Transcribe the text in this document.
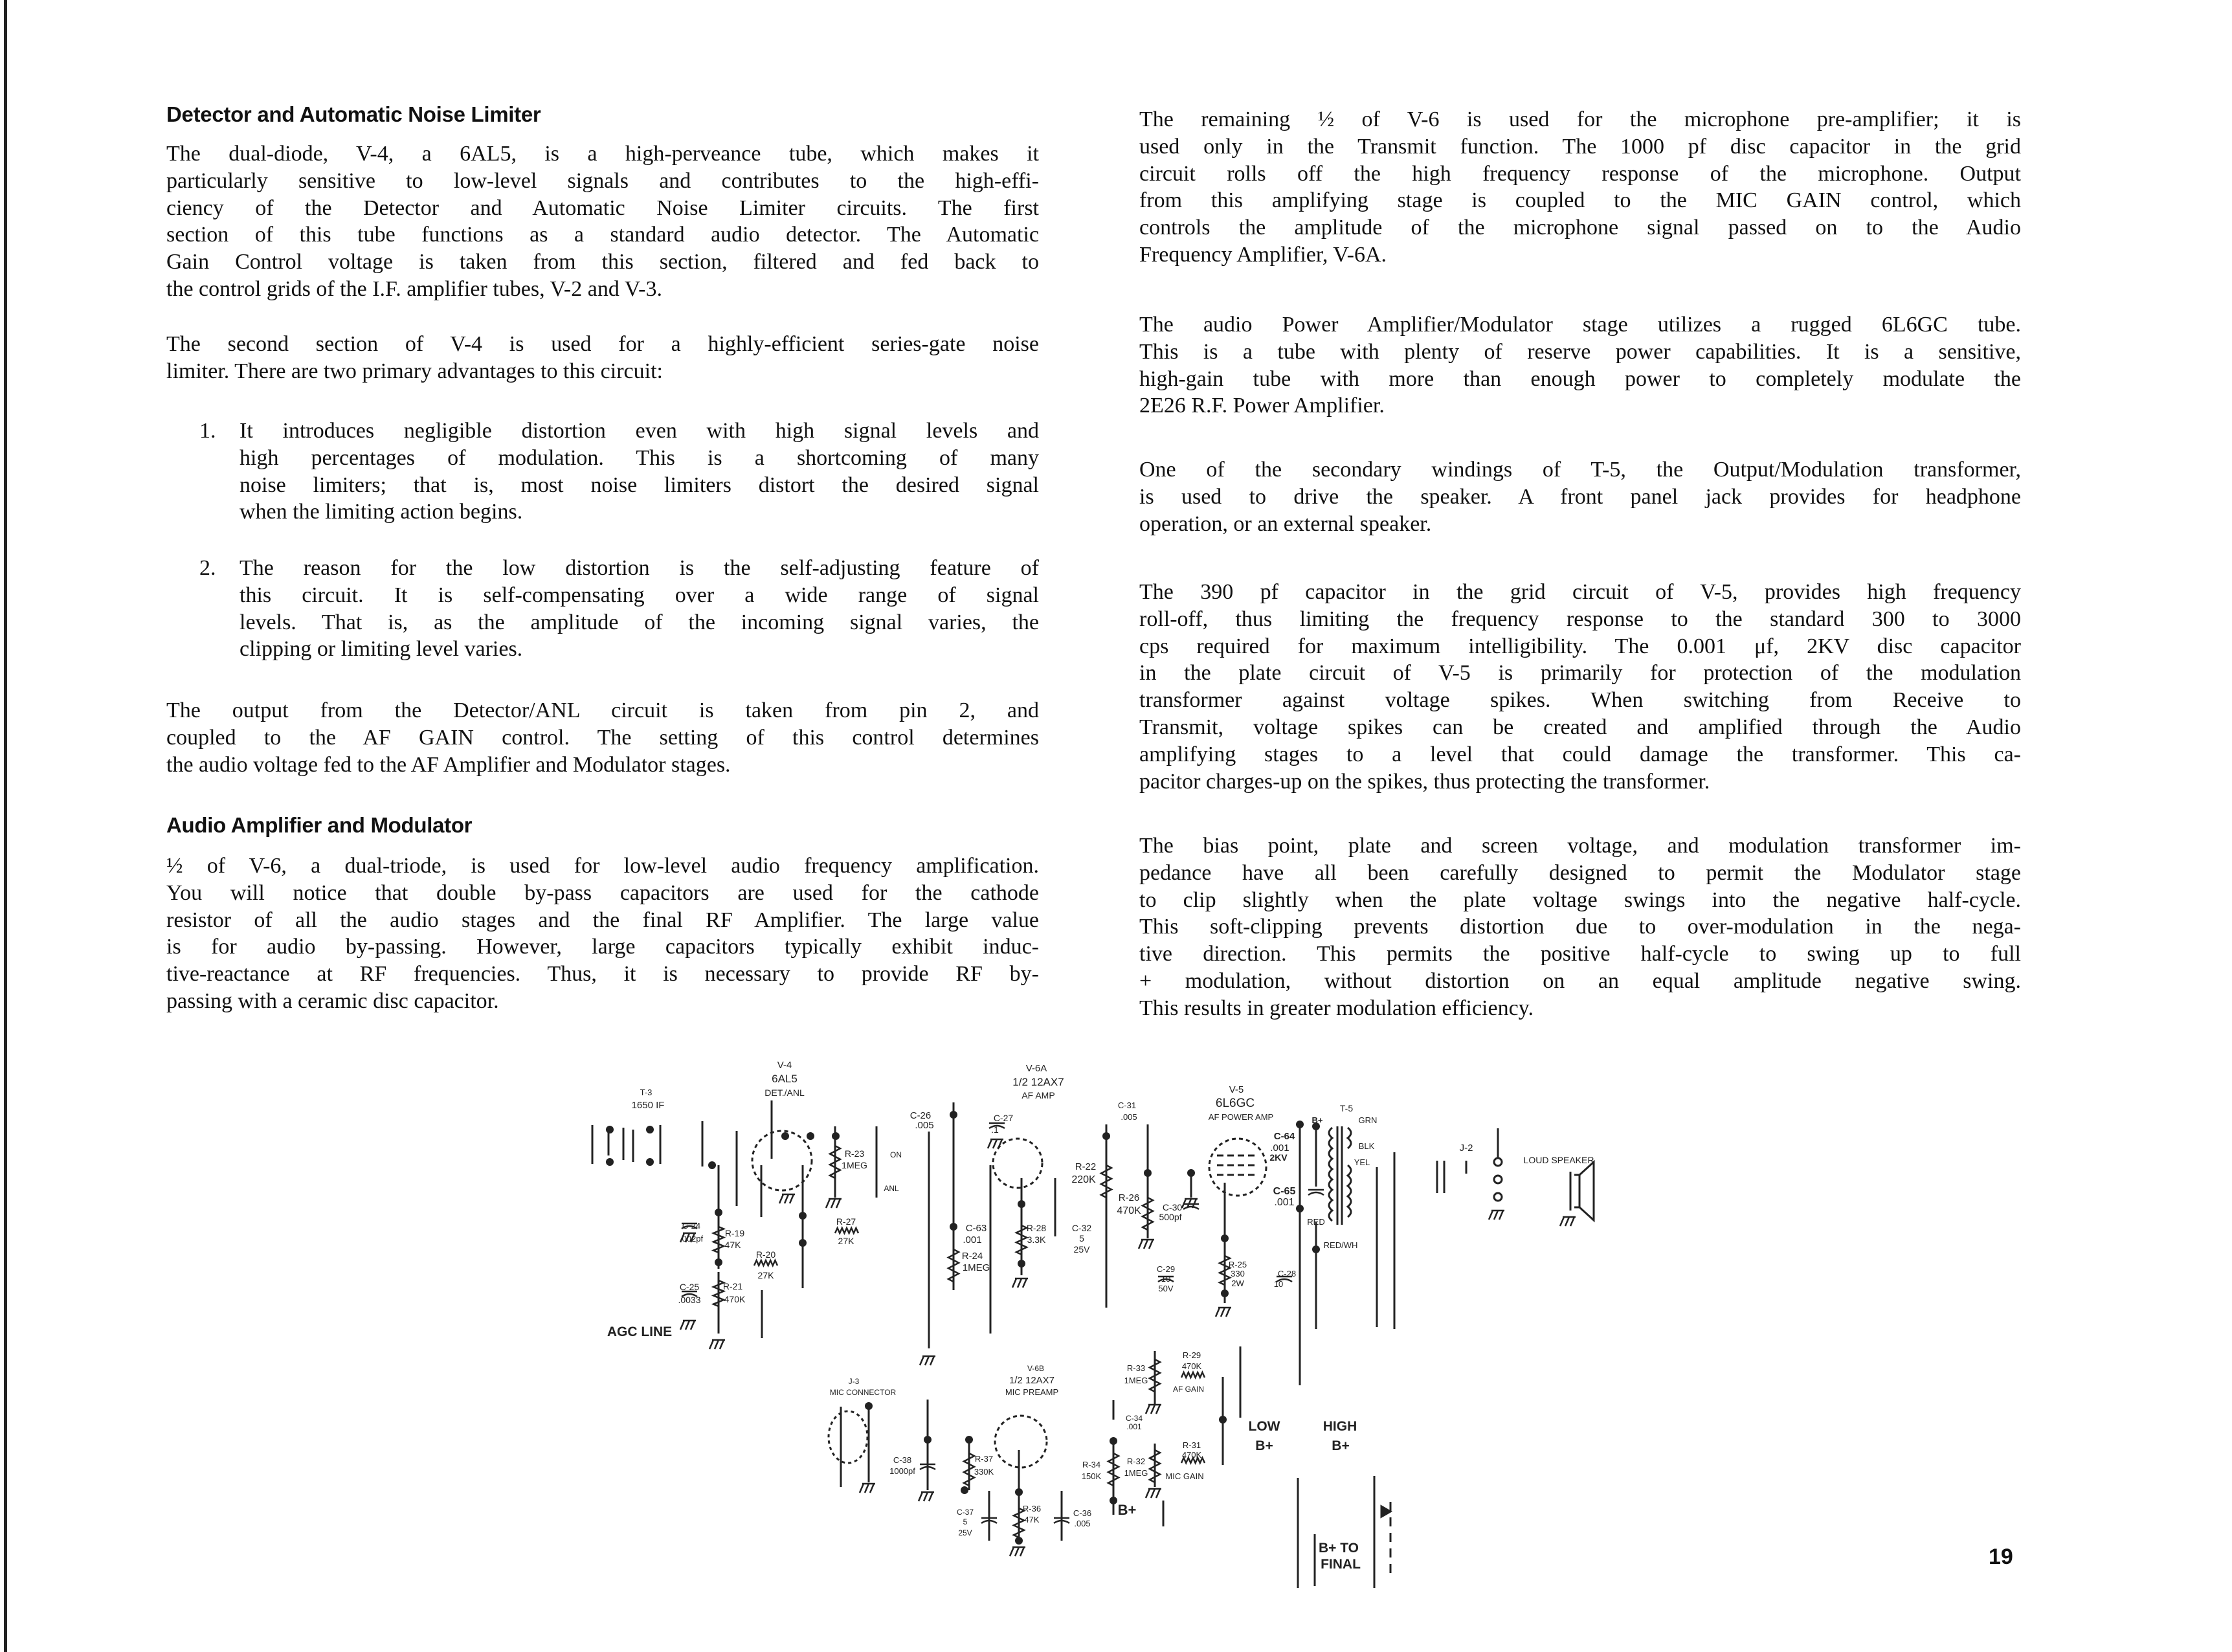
Detector and Automatic Noise Limiter
The dual-diode, V-4, a 6AL5, is a high-perveance tube, which makes it
particularly sensitive to low-level signals and contributes to the high-effi-
ciency of the Detector and Automatic Noise Limiter circuits. The first
section of this tube functions as a standard audio detector. The Automatic
Gain Control voltage is taken from this section, filtered and fed back to
the control grids of the I.F. amplifier tubes, V-2 and V-3.
The second section of V-4 is used for a highly-efficient series-gate noise
limiter. There are two primary advantages to this circuit:
1. It introduces negligible distortion even with high signal levels and
high percentages of modulation. This is a shortcoming of many
noise limiters; that is, most noise limiters distort the desired signal
when the limiting action begins.
2. The reason for the low distortion is the self-adjusting feature of
this circuit. It is self-compensating over a wide range of signal
levels. That is, as the amplitude of the incoming signal varies, the
clipping or limiting level varies.
The output from the Detector/ANL circuit is taken from pin 2, and
coupled to the AF GAIN control. The setting of this control determines
the audio voltage fed to the AF Amplifier and Modulator stages.
Audio Amplifier and Modulator
½ of V-6, a dual-triode, is used for low-level audio frequency amplification.
You will notice that double by-pass capacitors are used for the cathode
resistor of all the audio stages and the final RF Amplifier. The large value
is for audio by-passing. However, large capacitors typically exhibit induc-
tive-reactance at RF frequencies. Thus, it is necessary to provide RF by-
passing with a ceramic disc capacitor.
The remaining ½ of V-6 is used for the microphone pre-amplifier; it is
used only in the Transmit function. The 1000 pf disc capacitor in the grid
circuit rolls off the high frequency response of the microphone. Output
from this amplifying stage is coupled to the MIC GAIN control, which
controls the amplitude of the microphone signal passed on to the Audio
Frequency Amplifier, V-6A.
The audio Power Amplifier/Modulator stage utilizes a rugged 6L6GC tube.
This is a tube with plenty of reserve power capabilities. It is a sensitive,
high-gain tube with more than enough power to completely modulate the
2E26 R.F. Power Amplifier.
One of the secondary windings of T-5, the Output/Modulation transformer,
is used to drive the speaker. A front panel jack provides for headphone
operation, or an external speaker.
The 390 pf capacitor in the grid circuit of V-5, provides high frequency
roll-off, thus limiting the frequency response to the standard 300 to 3000
cps required for maximum intelligibility. The 0.001 μf, 2KV disc capacitor
in the plate circuit of V-5 is primarily for protection of the modulation
transformer against voltage spikes. When switching from Receive to
Transmit, voltage spikes can be created and amplified through the Audio
amplifying stages to a level that could damage the transformer. This ca-
pacitor charges-up on the spikes, thus protecting the transformer.
The bias point, plate and screen voltage, and modulation transformer im-
pedance have all been carefully designed to permit the Modulator stage
to clip slightly when the plate voltage swings into the negative half-cycle.
This soft-clipping prevents distortion due to over-modulation in the nega-
tive direction. This permits the positive half-cycle to swing up to full
+ modulation, without distortion on an equal amplitude negative swing.
This results in greater modulation efficiency.
V-4
6AL5
DET./ANL
T-3
1650 IF
V-6A
1/2 12AX7
AF AMP
C-26
.005
C-27
.1
C-31
.005
R-22
220K
R-26
470K C-30
500pf
R-24
1MEG
C-63
.001
R-28
3.3K
C-32
5
25V
R-19
47K
R-20
27K
R-21
470K
C-25
.0033
C-24
.002pf
R-23
1MEG
R-27
27K
ON
ANL
AGC LINE
C-29
10
50V
V-5
6L6GC
AF POWER AMP
C-64
.001
2KV
C-65
.001
B+
T-5
GRN
BLK
YEL
RED
RED/WH
J-2
LOUD SPEAKER
R-25
330
2W
C-28
10
J-3
MIC CONNECTOR
V-6B
1/2 12AX7
MIC PREAMP
R-33
1MEG
R-29
470K
AF GAIN
LOW
B+
HIGH
B+
B+ TO
FINAL
B+
R-32
1MEG MIC GAIN
R-31
470K
R-34
150K
R-37
330K
C-38
1000pf
R-36
47K
C-36
.005
C-34
.001
C-37
5
25V
19
